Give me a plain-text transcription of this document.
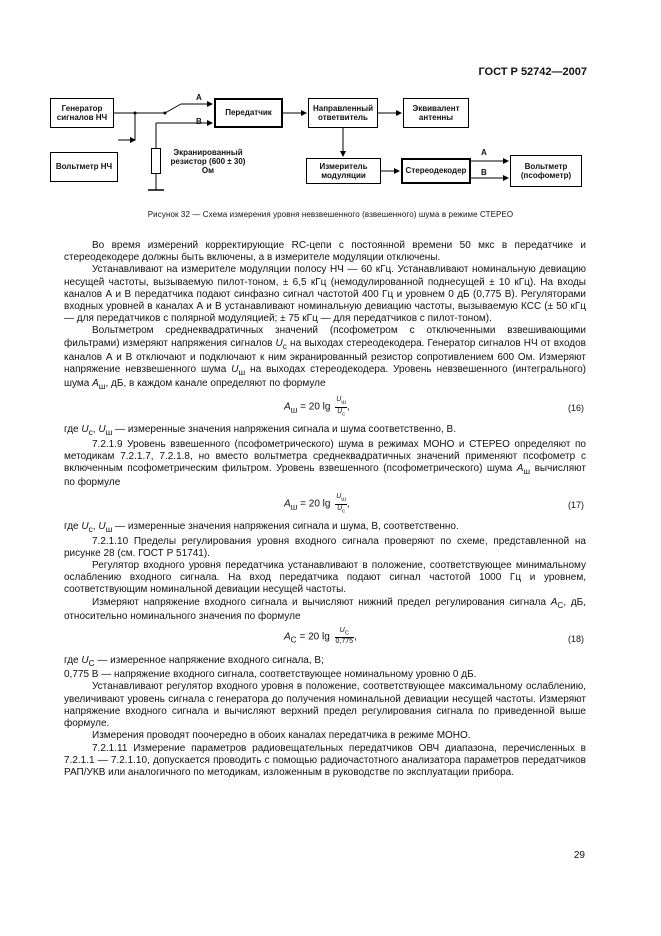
ГОСТ Р 52742—2007
Генератор сигналов НЧ
A
B
Передатчик
Направленный ответвитель
Эквивалент антенны
Вольтметр НЧ
Экранированный резистор (600 ± 30) Ом
Измеритель модуляции
Стереодекодер
A
B
Вольтметр (псофометр)
Рисунок 32 — Схема измерения уровня невзвешенного (взвешенного) шума в режиме СТЕРЕО

Во время измерений корректирующие RC-цепи с постоянной времени 50 мкс в передатчике и стереодекодере должны быть включены, а в измерителе модуляции отключены.

Устанавливают на измерителе модуляции полосу НЧ — 60 кГц. Устанавливают номинальную девиацию несущей частоты, вызываемую пилот-тоном, ± 6,5 кГц (немодулированной поднесущей ± 10 кГц). На входы каналов А и В передатчика подают синфазно сигнал частотой 400 Гц и уровнем 0 дБ (0,775 В). Регуляторами входных уровней в каналах А и В устанавливают номинальную девиацию частоты, вызываемую КСС (± 50 кГц — для передатчиков с полярной модуляцией; ± 75 кГц — для передатчиков с пилот-тоном).

Вольтметром среднеквадратичных значений (псофометром с отключенными взвешивающими фильтрами) измеряют напряжения сигналов $U_c$ на выходах стереодекодера. Генератор сигналов НЧ от входов каналов А и В отключают и подключают к ним экранированный резистор сопротивлением 600 Ом. Измеряют напряжение невзвешенного шума $U_ш$ на выходах стереодекодера. Уровень невзвешенного (интегрального) шума $A_ш$, дБ, в каждом канале определяют по формуле

$A_ш = 20$ $\lg \frac{U_ш}{U_c}$ ,	(16)

где $U_c$, $U_ш$ — измеренные значения напряжения сигнала и шума соответственно, В.

7.2.1.9 Уровень взвешенного (псофометрического) шума в режимах МОНО и СТЕРЕО определяют по методикам 7.2.1.7, 7.2.1.8, но вместо вольтметра среднеквадратичных значений применяют псофометр с включенным псофометрическим фильтром. Уровень взвешенного (псофометрического) шума $A_ш$ вычисляют по формуле

$A_ш = 20$ $\lg \frac{U_ш}{U_c}$ ,	(17)

где $U_c$, $U_ш$ — измеренные значения напряжения сигнала и шума, В, соответственно.

7.2.1.10 Пределы регулирования уровня входного сигнала проверяют по схеме, представленной на рисунке 28 (см. ГОСТ Р 51741).

Регулятор входного уровня передатчика устанавливают в положение, соответствующее минимальному ослаблению входного сигнала. На вход передатчика подают сигнал частотой 1000 Гц и уровнем, соответствующим номинальной девиации несущей частоты.

Измеряют напряжение входного сигнала и вычисляют нижний предел регулирования сигнала $A_C$, дБ, относительно номинального значения по формуле

$A_C = 20$ $\lg \frac{U_C}{0,775}$ ,	(18)

где $U_C$ — измеренное напряжение входного сигнала, В;

0,775 В — напряжение входного сигнала, соответствующее номинальному уровню 0 дБ.

Устанавливают регулятор входного уровня в положение, соответствующее максимальному ослаблению, увеличивают уровень сигнала с генератора до получения номинальной девиации несущей частоты. Измеряют напряжение входного сигнала и вычисляют верхний предел регулирования сигнала по приведенной выше формуле.

Измерения проводят поочередно в обоих каналах передатчика в режиме МОНО.

7.2.1.11 Измерение параметров радиовещательных передатчиков ОВЧ диапазона, перечисленных в 7.2.1.1 — 7.2.1.10, допускается проводить с помощью радиочастотного анализатора параметров передатчиков РАП/УКВ или аналогичного по методикам, изложенным в руководстве по эксплуатации прибора.

29
